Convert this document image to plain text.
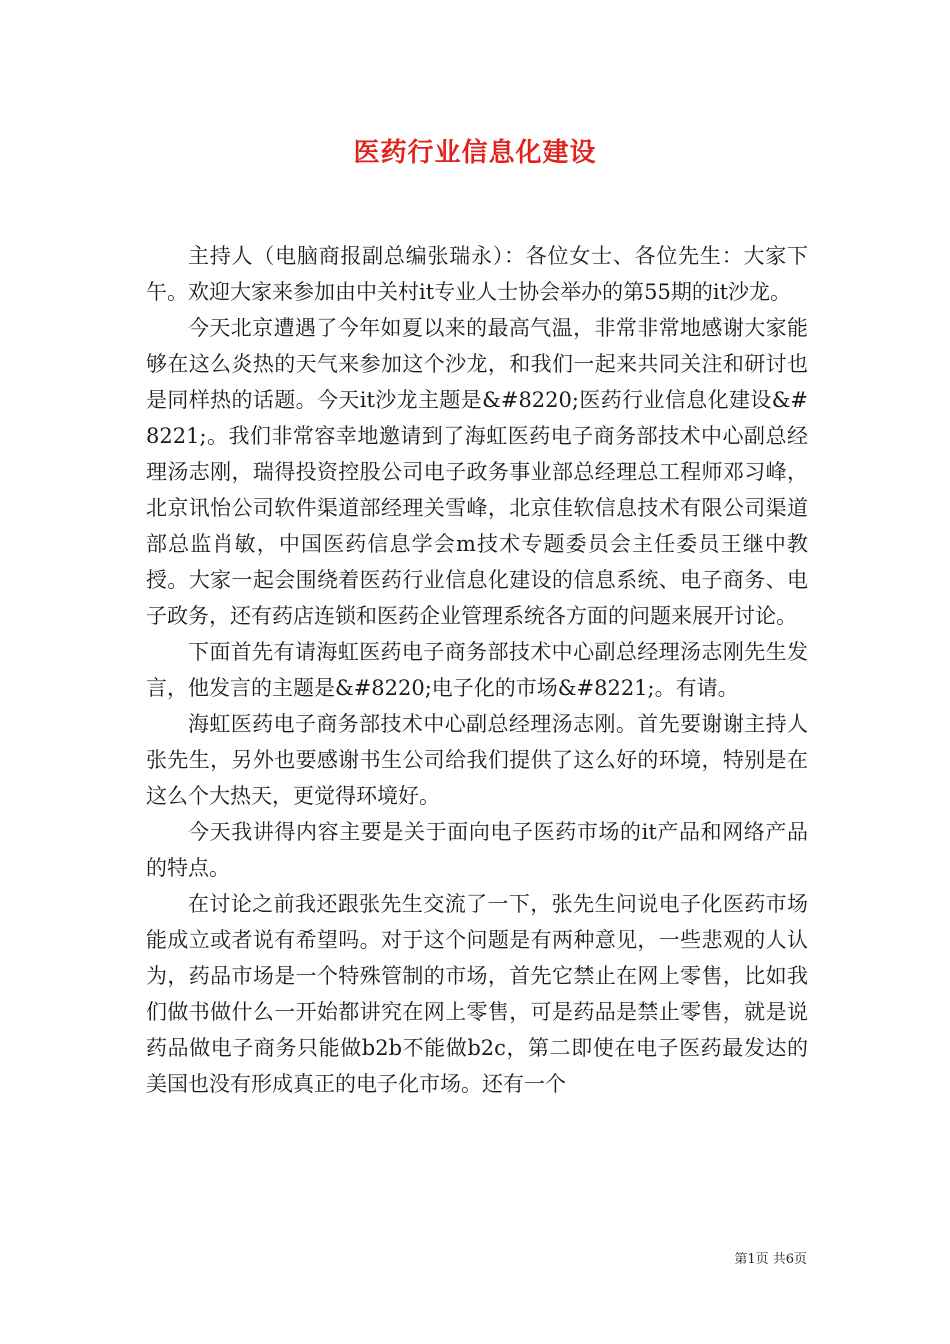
医药行业信息化建设

主持人（电脑商报副总编张瑞永）：各位女士、各位先生：大家下午。欢迎大家来参加由中关村it专业人士协会举办的第55期的it沙龙。

今天北京遭遇了今年如夏以来的最高气温，非常非常地感谢大家能够在这么炎热的天气来参加这个沙龙，和我们一起来共同关注和研讨也是同样热的话题。今天it沙龙主题是&#8220;医药行业信息化建设&#8221;。我们非常容幸地邀请到了海虹医药电子商务部技术中心副总经理汤志刚，瑞得投资控股公司电子政务事业部总经理总工程师邓习峰，北京讯怡公司软件渠道部经理关雪峰，北京佳软信息技术有限公司渠道部总监肖敏，中国医药信息学会m技术专题委员会主任委员王继中教授。大家一起会围绕着医药行业信息化建设的信息系统、电子商务、电子政务，还有药店连锁和医药企业管理系统各方面的问题来展开讨论。

下面首先有请海虹医药电子商务部技术中心副总经理汤志刚先生发言，他发言的主题是&#8220;电子化的市场&#8221;。有请。

海虹医药电子商务部技术中心副总经理汤志刚。首先要谢谢主持人张先生，另外也要感谢书生公司给我们提供了这么好的环境，特别是在这么个大热天，更觉得环境好。

今天我讲得内容主要是关于面向电子医药市场的it产品和网络产品的特点。

在讨论之前我还跟张先生交流了一下，张先生问说电子化医药市场能成立或者说有希望吗。对于这个问题是有两种意见，一些悲观的人认为，药品市场是一个特殊管制的市场，首先它禁止在网上零售，比如我们做书做什么一开始都讲究在网上零售，可是药品是禁止零售，就是说药品做电子商务只能做b2b不能做b2c，第二即使在电子医药最发达的美国也没有形成真正的电子化市场。还有一个

第1页 共6页
